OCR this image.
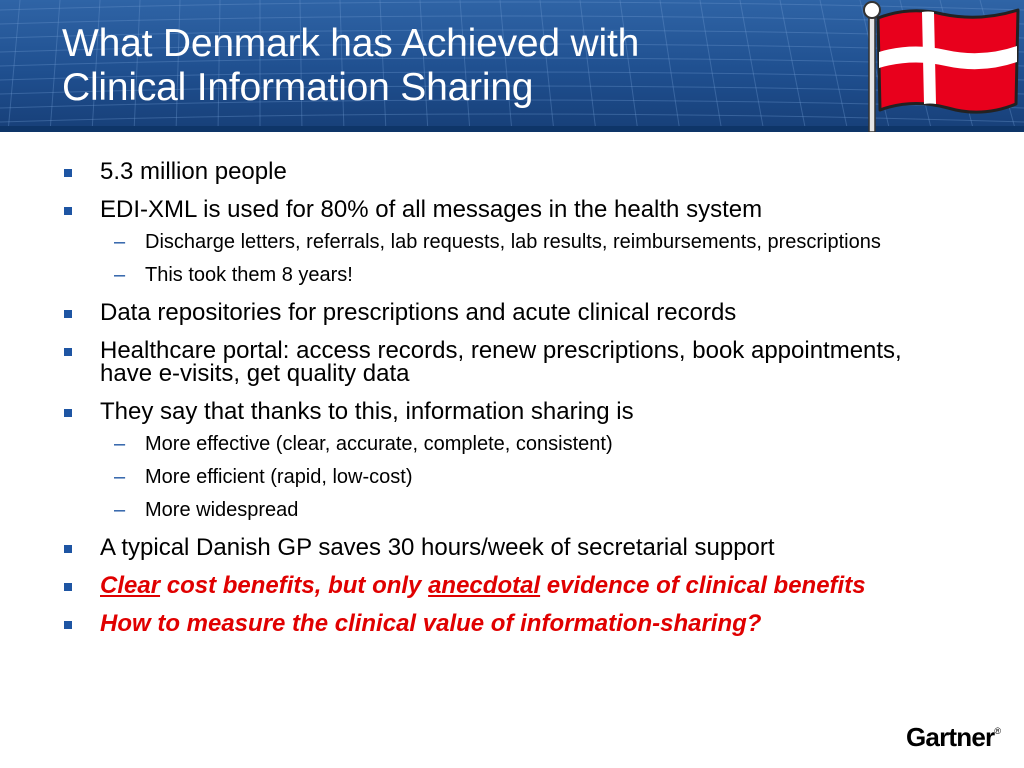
What Denmark has Achieved with
Clinical Information Sharing
5.3 million people
EDI-XML is used for 80% of all messages in the health system
– Discharge letters, referrals, lab requests, lab results, reimbursements, prescriptions
– This took them 8 years!
Data repositories for prescriptions and acute clinical records
Healthcare portal: access records, renew prescriptions, book appointments, have e-visits, get quality data
They say that thanks to this, information sharing is
– More effective (clear, accurate, complete, consistent)
– More efficient (rapid, low-cost)
– More widespread
A typical Danish GP saves 30 hours/week of secretarial support
Clear cost benefits, but only anecdotal evidence of clinical benefits
How to measure the clinical value of information-sharing?
Gartner®
